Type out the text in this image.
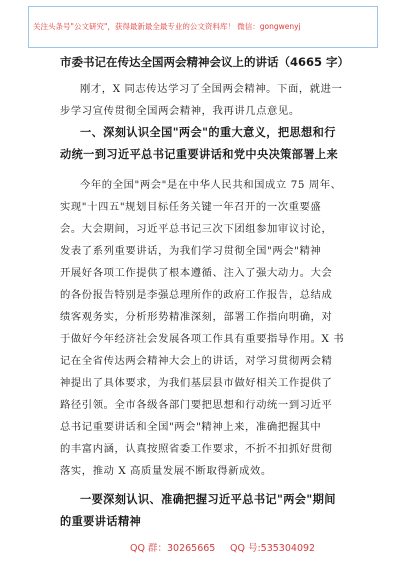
关注头条号"公文研究"，获得最新最全最专业的公文资料库！ 微信：gongwenyj
市委书记在传达全国两会精神会议上的讲话（4665 字）
刚才，X 同志传达学习了全国两会精神。下面，就进一
步学习宣传贯彻全国两会精神，我再讲几点意见。
一、深刻认识全国"两会"的重大意义，把思想和行
动统一到习近平总书记重要讲话和党中央决策部署上来
今年的全国"两会"是在中华人民共和国成立 75 周年、
实现"十四五"规划目标任务关键一年召开的一次重要盛
会。大会期间，习近平总书记三次下团组参加审议讨论，
发表了系列重要讲话，为我们学习贯彻全国"两会"精神
开展好各项工作提供了根本遵循、注入了强大动力。大会
的各份报告特别是李强总理所作的政府工作报告，总结成
绩客观务实，分析形势精准深刻，部署工作指向明确，对
于做好今年经济社会发展各项工作具有重要指导作用。X 书
记在全省传达两会精神大会上的讲话，对学习贯彻两会精
神提出了具体要求，为我们基层县市做好相关工作提供了
路径引领。全市各级各部门要把思想和行动统一到习近平
总书记重要讲话和全国"两会"精神上来，准确把握其中
的丰富内涵，认真按照省委工作要求，不折不扣抓好贯彻
落实，推动 X 高质量发展不断取得新成效。
一要深刻认识、准确把握习近平总书记"两会"期间
的重要讲话精神
QQ 群：30265665 QQ 号:535304092
